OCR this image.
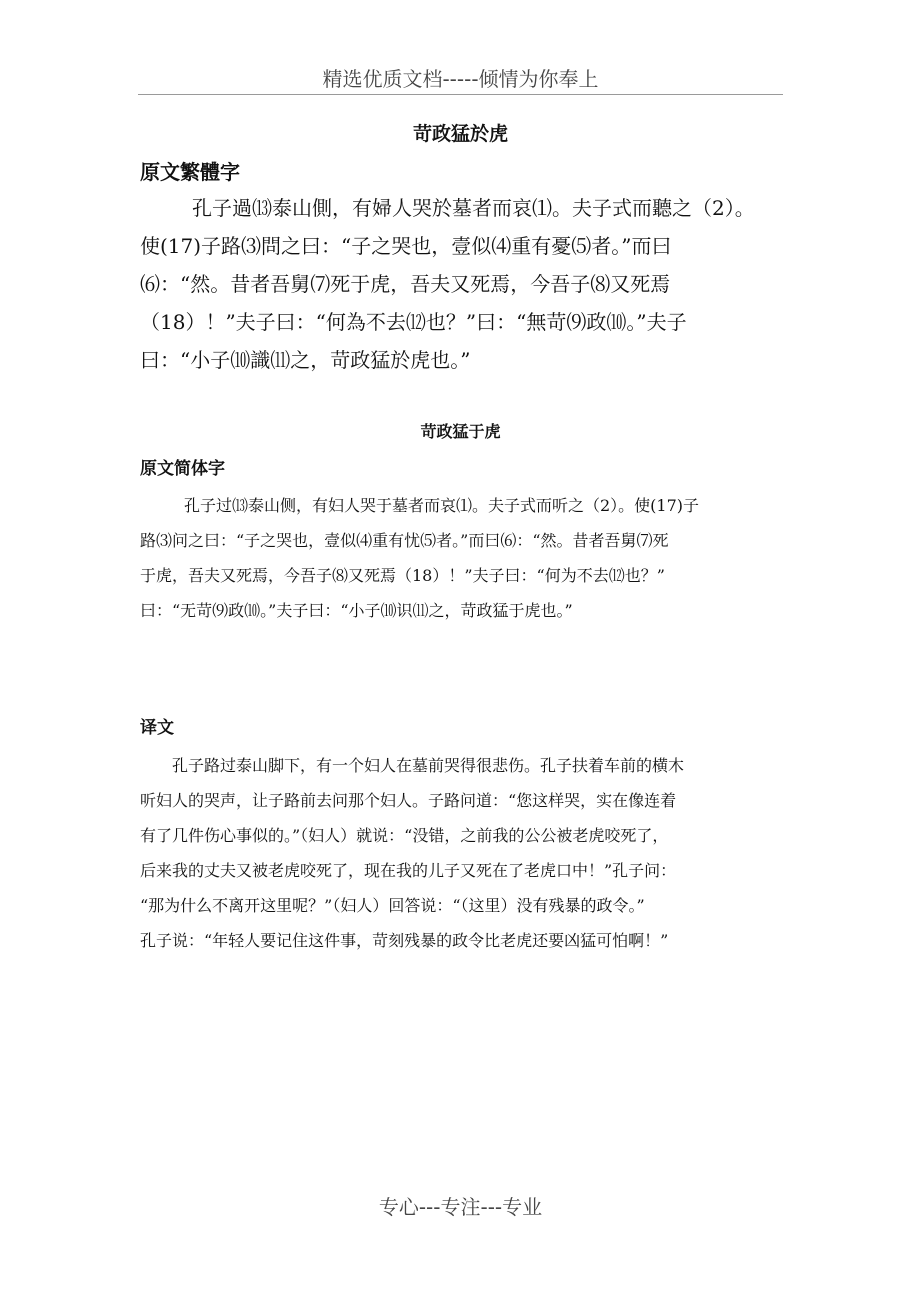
精选优质文档-----倾情为你奉上
苛政猛於虎
原文繁體字
　孔子過⒀泰山側，有婦人哭於墓者而哀⑴。夫子式而聽之（2）。
使(17)子路⑶問之曰：“子之哭也，壹似⑷重有憂⑸者。”而曰
⑹：“然。昔者吾舅⑺死于虎，吾夫又死焉，今吾子⑻又死焉
（18）！”夫子曰：“何為不去⑿也？”曰：“無苛⑼政⑽。”夫子
曰：“小子⑽識⑾之，苛政猛於虎也。”
苛政猛于虎
原文简体字
　孔子过⒀泰山侧，有妇人哭于墓者而哀⑴。夫子式而听之（2）。使(17)子
路⑶问之曰：“子之哭也，壹似⑷重有忧⑸者。”而曰⑹：“然。昔者吾舅⑺死
于虎，吾夫又死焉，今吾子⑻又死焉（18）！”夫子曰：“何为不去⑿也？”
曰：“无苛⑼政⑽。”夫子曰：“小子⑽识⑾之，苛政猛于虎也。”
译文
孔子路过泰山脚下，有一个妇人在墓前哭得很悲伤。孔子扶着车前的横木
听妇人的哭声，让子路前去问那个妇人。子路问道：“您这样哭，实在像连着
有了几件伤心事似的。”（妇人）就说：“没错，之前我的公公被老虎咬死了，
后来我的丈夫又被老虎咬死了，现在我的儿子又死在了老虎口中！”孔子问：
“那为什么不离开这里呢？”（妇人）回答说：“（这里）没有残暴的政令。”
孔子说：“年轻人要记住这件事，苛刻残暴的政令比老虎还要凶猛可怕啊！”
专心---专注---专业
